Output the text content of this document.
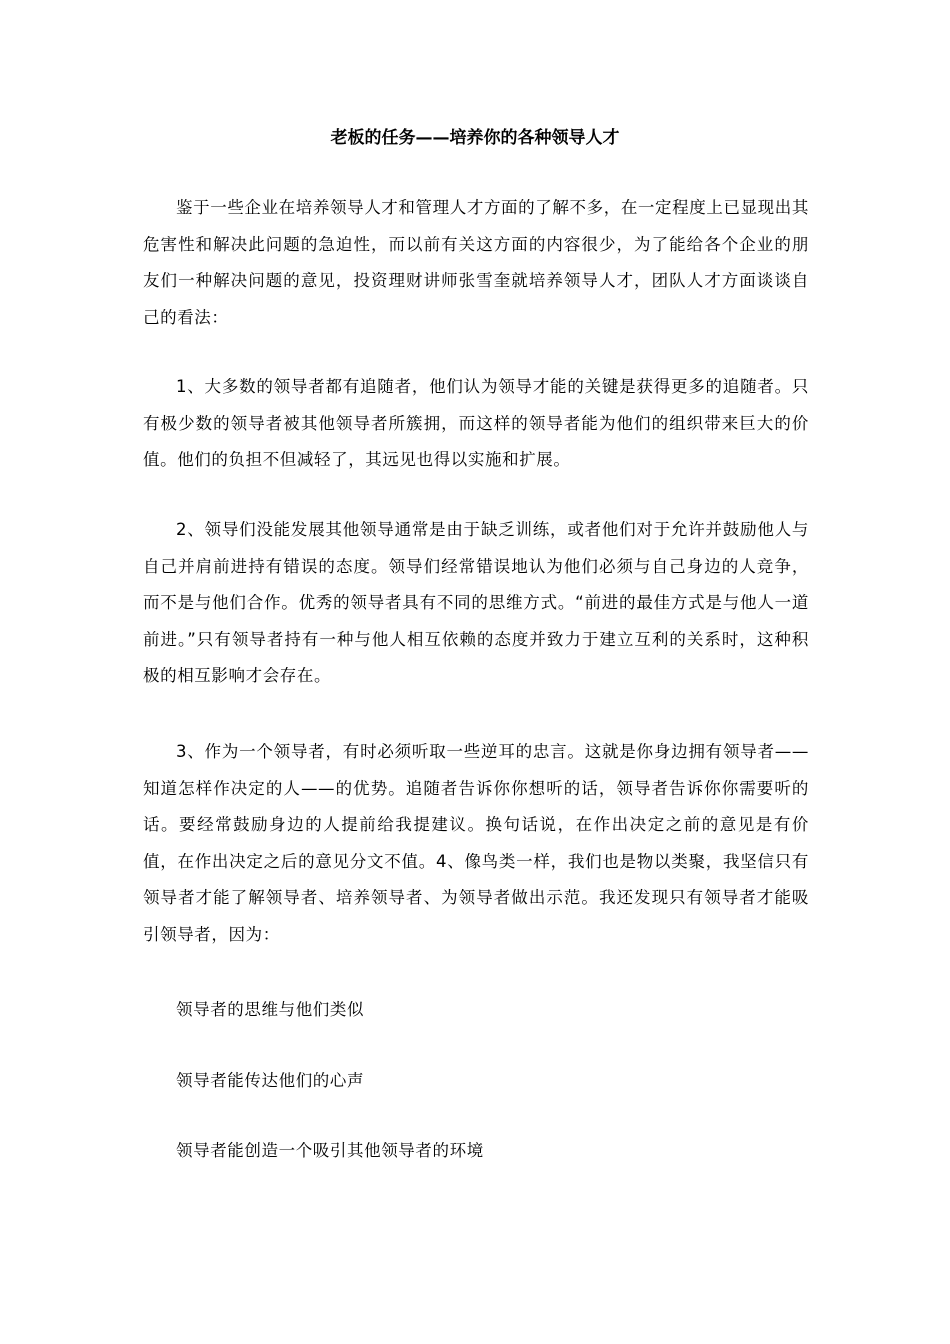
老板的任务——培养你的各种领导人才

鉴于一些企业在培养领导人才和管理人才方面的了解不多，在一定程度上已显现出其危害性和解决此问题的急迫性，而以前有关这方面的内容很少，为了能给各个企业的朋友们一种解决问题的意见，投资理财讲师张雪奎就培养领导人才，团队人才方面谈谈自己的看法：

1、大多数的领导者都有追随者，他们认为领导才能的关键是获得更多的追随者。只有极少数的领导者被其他领导者所簇拥，而这样的领导者能为他们的组织带来巨大的价值。他们的负担不但减轻了，其远见也得以实施和扩展。

2、领导们没能发展其他领导通常是由于缺乏训练，或者他们对于允许并鼓励他人与自己并肩前进持有错误的态度。领导们经常错误地认为他们必须与自己身边的人竞争，而不是与他们合作。优秀的领导者具有不同的思维方式。“前进的最佳方式是与他人一道前进。”只有领导者持有一种与他人相互依赖的态度并致力于建立互利的关系时，这种积极的相互影响才会存在。

3、作为一个领导者，有时必须听取一些逆耳的忠言。这就是你身边拥有领导者——知道怎样作决定的人——的优势。追随者告诉你你想听的话，领导者告诉你你需要听的话。要经常鼓励身边的人提前给我提建议。换句话说，在作出决定之前的意见是有价值，在作出决定之后的意见分文不值。4、像鸟类一样，我们也是物以类聚，我坚信只有领导者才能了解领导者、培养领导者、为领导者做出示范。我还发现只有领导者才能吸引领导者，因为：

领导者的思维与他们类似

领导者能传达他们的心声

领导者能创造一个吸引其他领导者的环境
